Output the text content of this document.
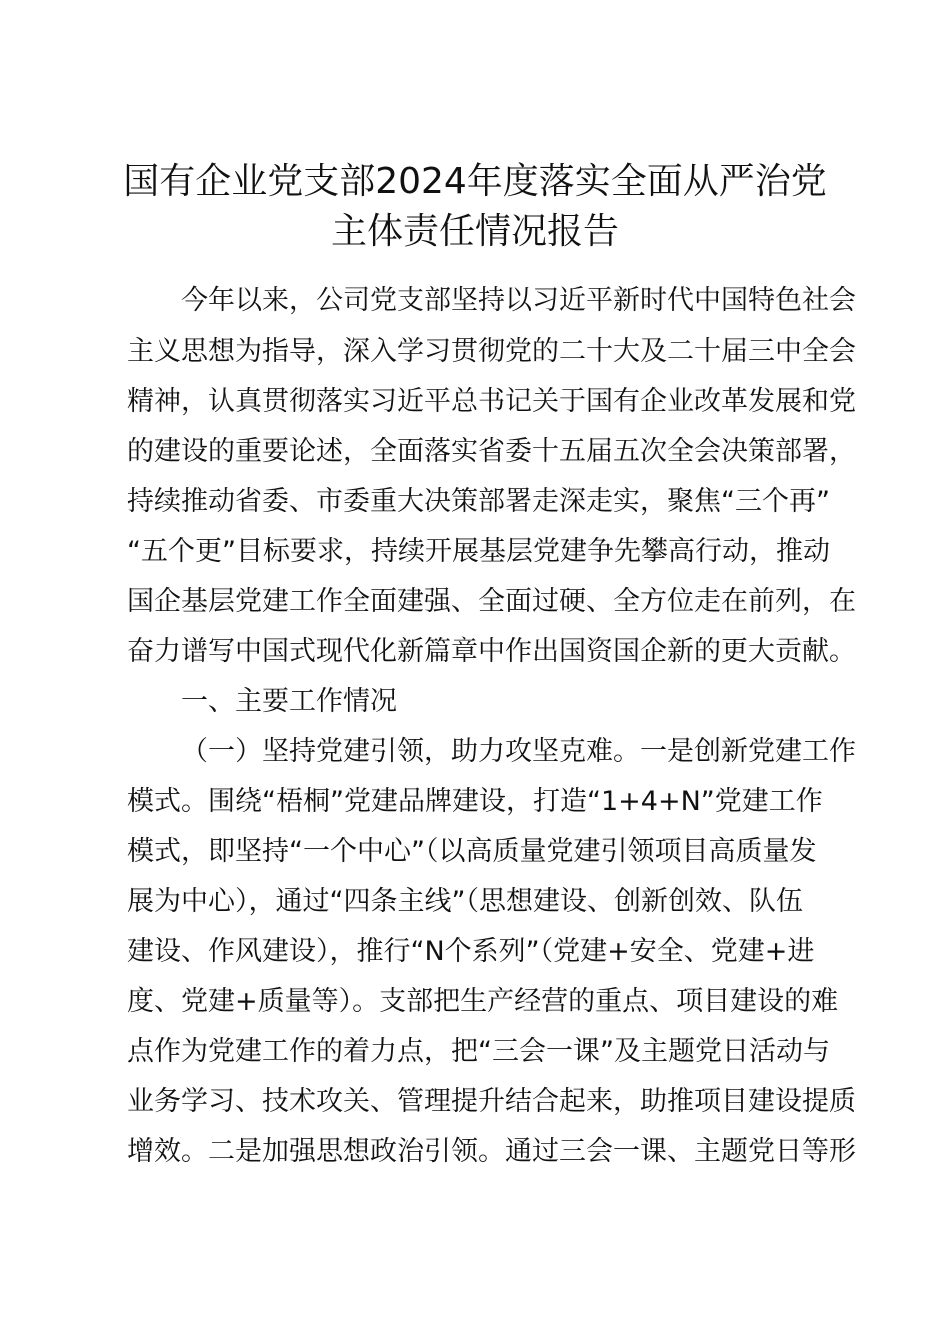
国有企业党支部2024年度落实全面从严治党
主体责任情况报告
今年以来，公司党支部坚持以习近平新时代中国特色社会
主义思想为指导，深入学习贯彻党的二十大及二十届三中全会
精神，认真贯彻落实习近平总书记关于国有企业改革发展和党
的建设的重要论述，全面落实省委十五届五次全会决策部署，
持续推动省委、市委重大决策部署走深走实，聚焦“三个再”
“五个更”目标要求，持续开展基层党建争先攀高行动，推动
国企基层党建工作全面建强、全面过硬、全方位走在前列，在
奋力谱写中国式现代化新篇章中作出国资国企新的更大贡献。
一、主要工作情况
（一）坚持党建引领，助力攻坚克难。一是创新党建工作
模式。围绕“梧桐”党建品牌建设，打造“1+4+N”党建工作
模式，即坚持“一个中心”（以高质量党建引领项目高质量发
展为中心），通过“四条主线”（思想建设、创新创效、队伍
建设、作风建设），推行“N个系列”（党建+安全、党建+进
度、党建+质量等）。支部把生产经营的重点、项目建设的难
点作为党建工作的着力点，把“三会一课”及主题党日活动与
业务学习、技术攻关、管理提升结合起来，助推项目建设提质
增效。二是加强思想政治引领。通过三会一课、主题党日等形
